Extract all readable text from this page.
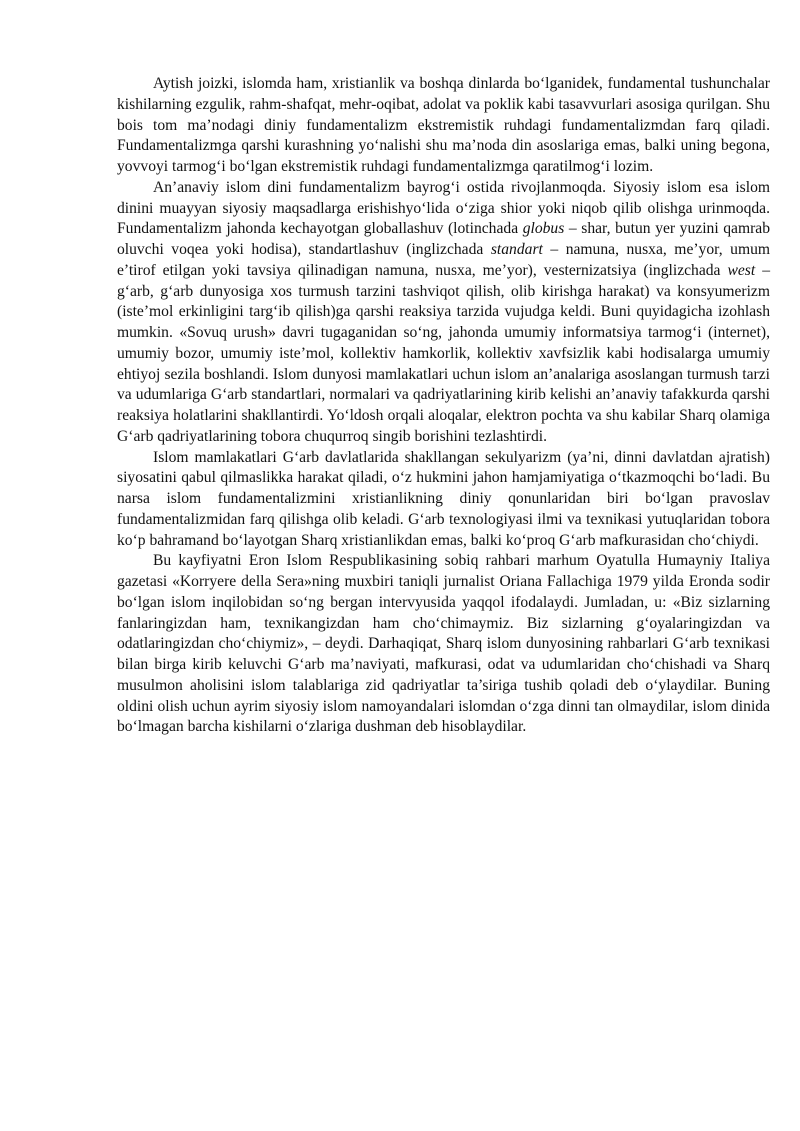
Aytish joizki, islomda ham, xristianlik va boshqa dinlarda bo‘lganidek, fundamental tushunchalar kishilarning ezgulik, rahm-shafqat, mehr-oqibat, adolat va poklik kabi tasavvurlari asosiga qurilgan. Shu bois tom ma’nodagi diniy fundamentalizm ekstremistik ruhdagi fundamentalizmdan farq qiladi. Fundamentalizmga qarshi kurashning yo‘nalishi shu ma’noda din asoslariga emas, balki uning begona, yovvoyi tarmog‘i bo‘lgan ekstremistik ruhdagi fundamentalizmga qaratilmog‘i lozim.

An’anaviy islom dini fundamentalizm bayrog‘i ostida rivojlanmoqda. Siyosiy islom esa islom dinini muayyan siyosiy maqsadlarga erishishyo‘lida o‘ziga shior yoki niqob qilib olishga urinmoqda. Fundamentalizm jahonda kechayotgan globallashuv (lotinchada globus – shar, butun yer yuzini qamrab oluvchi voqea yoki hodisa), standartlashuv (inglizchada standart – namuna, nusxa, me’yor, umum e’tirof etilgan yoki tavsiya qilinadigan namuna, nusxa, me’yor), vesternizatsiya (inglizchada west – g‘arb, g‘arb dunyosiga xos turmush tarzini tashviqot qilish, olib kirishga harakat) va konsyumerizm (iste’mol erkinligini targ‘ib qilish)ga qarshi reaksiya tarzida vujudga keldi. Buni quyidagicha izohlash mumkin. «Sovuq urush» davri tugaganidan so‘ng, jahonda umumiy informatsiya tarmog‘i (internet), umumiy bozor, umumiy iste’mol, kollektiv hamkorlik, kollektiv xavfsizlik kabi hodisalarga umumiy ehtiyoj sezila boshlandi. Islom dunyosi mamlakatlari uchun islom an’analariga asoslangan turmush tarzi va udumlariga G‘arb standartlari, normalari va qadriyatlarining kirib kelishi an’anaviy tafakkurda qarshi reaksiya holatlarini shakllantirdi. Yo‘ldosh orqali aloqalar, elektron pochta va shu kabilar Sharq olamiga G‘arb qadriyatlarining tobora chuqurroq singib borishini tezlashtirdi.

Islom mamlakatlari G‘arb davlatlarida shakllangan sekulyarizm (ya’ni, dinni davlatdan ajratish) siyosatini qabul qilmaslikka harakat qiladi, o‘z hukmini jahon hamjamiyatiga o‘tkazmoqchi bo‘ladi. Bu narsa islom fundamentalizmini xristianlikning diniy qonunlaridan biri bo‘lgan pravoslav fundamentalizmidan farq qilishga olib keladi. G‘arb texnologiyasi ilmi va texnikasi yutuqlaridan tobora ko‘p bahramand bo‘layotgan Sharq xristianlikdan emas, balki ko‘proq G‘arb mafkurasidan cho‘chiydi.

Bu kayfiyatni Eron Islom Respublikasining sobiq rahbari marhum Oyatulla Humayniy Italiya gazetasi «Korryere della Sera»ning muxbiri taniqli jurnalist Oriana Fallachiga 1979 yilda Eronda sodir bo‘lgan islom inqilobidan so‘ng bergan intervyusida yaqqol ifodalaydi. Jumladan, u: «Biz sizlarning fanlaringizdan ham, texnikangizdan ham cho‘chimaymiz. Biz sizlarning g‘oyalaringizdan va odatlaringizdan cho‘chiymiz», – deydi. Darhaqiqat, Sharq islom dunyosining rahbarlari G‘arb texnikasi bilan birga kirib keluvchi G‘arb ma’naviyati, mafkurasi, odat va udumlaridan cho‘chishadi va Sharq musulmon aholisini islom talablariga zid qadriyatlar ta’siriga tushib qoladi deb o‘ylaydilar. Buning oldini olish uchun ayrim siyosiy islom namoyandalari islomdan o‘zga dinni tan olmaydilar, islom dinida bo‘lmagan barcha kishilarni o‘zlariga dushman deb hisoblaydilar.
